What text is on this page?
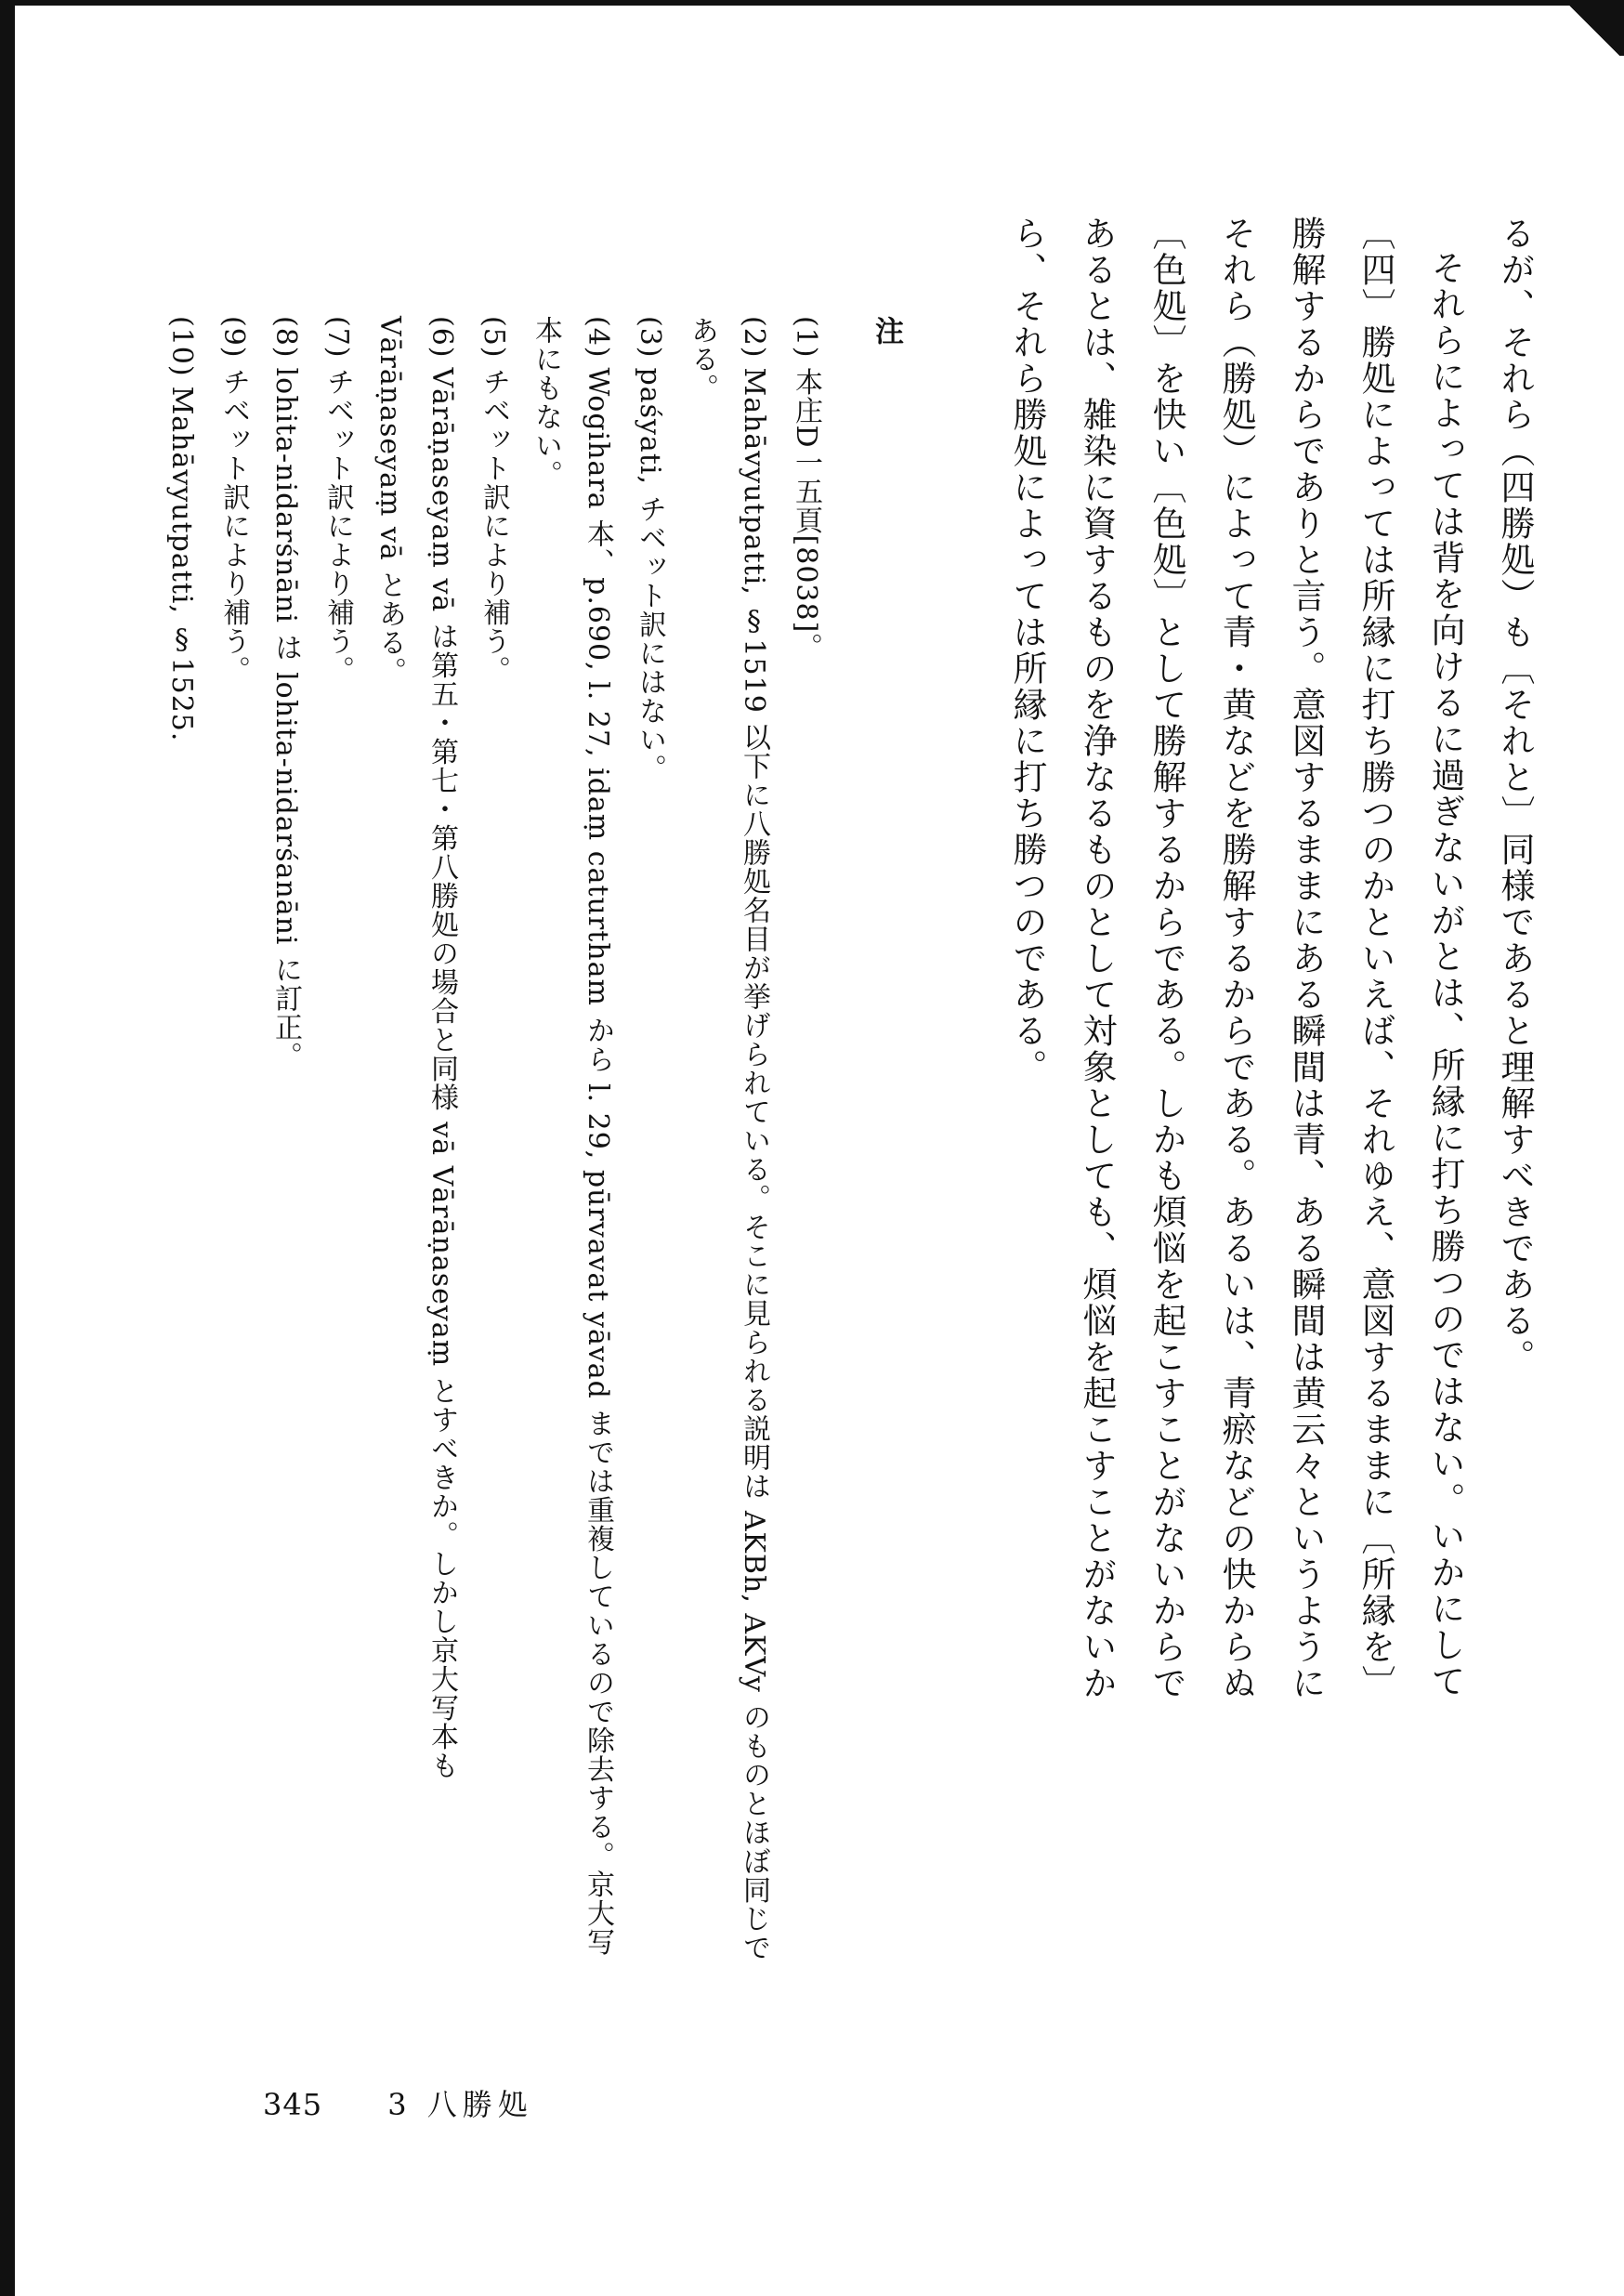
るが、それら（四勝処）も〔それと〕同様であると理解すべきである。

それらによっては背を向けるに過ぎないがとは、所縁に打ち勝つのではない。いかにして〔四〕勝処によっては所縁に打ち勝つのかといえば、それゆえ、意図するままに〔所縁を〕勝解するからでありと言う。意図するままにある瞬間は青、ある瞬間は黄云々というようにそれら（勝処）によって青・黄などを勝解するからである。あるいは、青瘀などの快からぬ〔色処〕を快い〔色処〕として勝解するからである。しかも煩悩を起こすことがないからであるとは、雑染に資するものを浄なるものとして対象としても、煩悩を起こすことがないから、それら勝処によっては所縁に打ち勝つのである。

注

(1)本庄D一五頁[8038]。

(2)Mahāvyutpatti, §1519 以下に八勝処名目が挙げられている。そこに見られる説明は AKBh, AKVy のものとほぼ同じである。

(3)paśyati, チベット訳にはない。

(4)Wogihara 本、p.690, l. 27, idaṃ caturtham から l. 29, pūrvavat yāvad までは重複しているので除去する。京大写本にもない。

(5)チベット訳により補う。

(6)Vārāṇaseyaṃ vā は第五・第七・第八勝処の場合と同様 vā Vārāṇaseyaṃ とすべきか。しかし京大写本も Vārāṇaseyaṃ vā とある。

(7)チベット訳により補う。

(8)lohita-nidarśnāni は lohita-nidarśanāni に訂正。

(9)チベット訳により補う。

(10)Mahāvyutpatti, §1525.

345 3 八勝処
